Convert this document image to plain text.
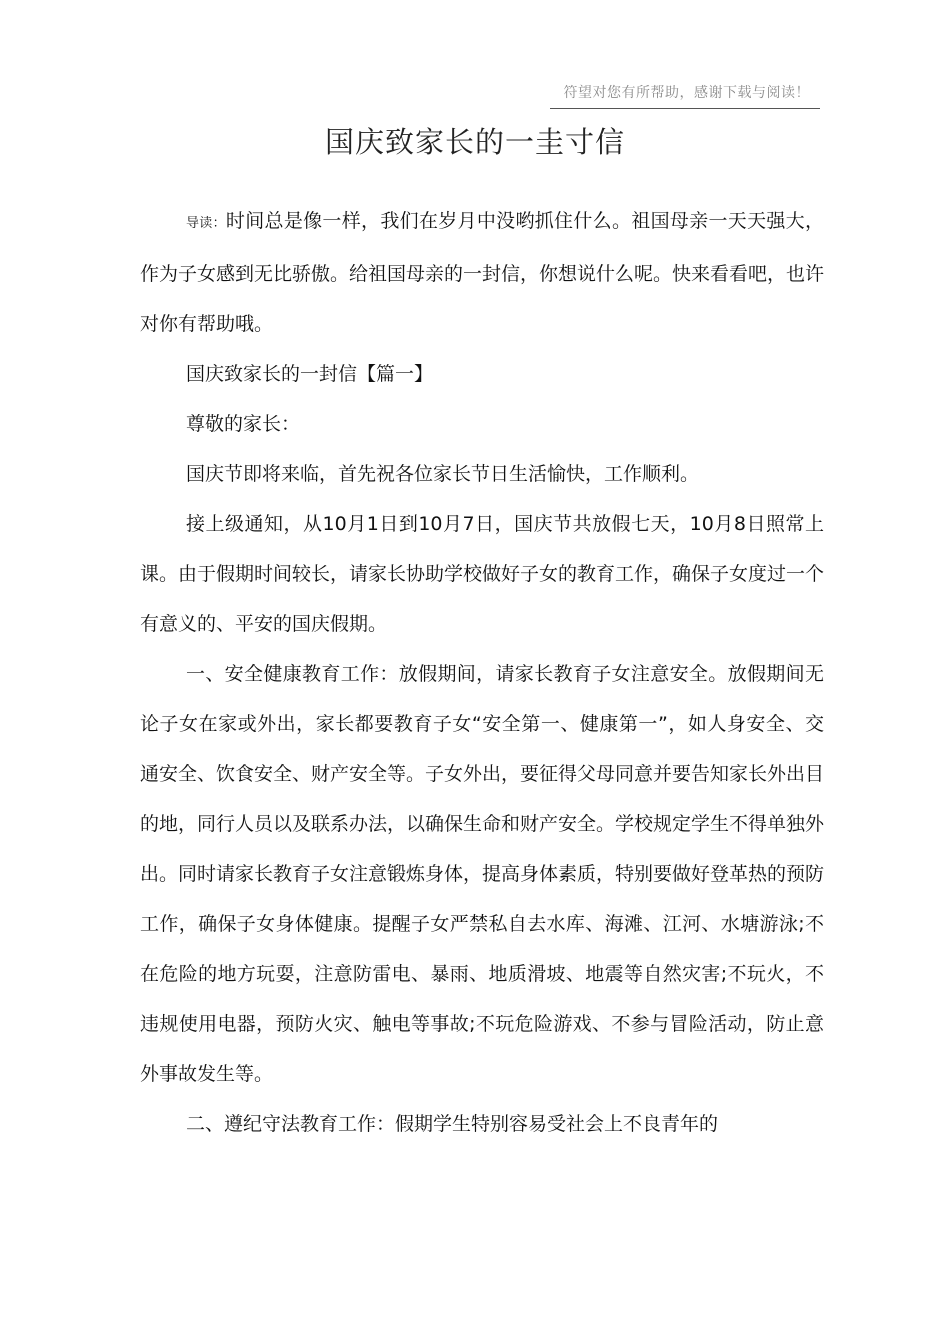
符望对您有所帮助，感谢下载与阅读！
国庆致家长的一圭寸信

导读：时间总是像一样，我们在岁月中没哟抓住什么。祖国母亲一天天强大，作为子女感到无比骄傲。给祖国母亲的一封信，你想说什么呢。快来看看吧，也许对你有帮助哦。

国庆致家长的一封信【篇一】

尊敬的家长：

国庆节即将来临，首先祝各位家长节日生活愉快，工作顺利。

接上级通知，从10月1日到10月7日，国庆节共放假七天，10月8日照常上课。由于假期时间较长，请家长协助学校做好子女的教育工作，确保子女度过一个有意义的、平安的国庆假期。

一、安全健康教育工作：放假期间，请家长教育子女注意安全。放假期间无论子女在家或外出，家长都要教育子女“安全第一、健康第一”，如人身安全、交通安全、饮食安全、财产安全等。子女外出，要征得父母同意并要告知家长外出目的地，同行人员以及联系办法，以确保生命和财产安全。学校规定学生不得单独外出。同时请家长教育子女注意锻炼身体，提高身体素质，特别要做好登革热的预防工作，确保子女身体健康。提醒子女严禁私自去水库、海滩、江河、水塘游泳;不在危险的地方玩耍，注意防雷电、暴雨、地质滑坡、地震等自然灾害;不玩火，不违规使用电器，预防火灾、触电等事故;不玩危险游戏、不参与冒险活动，防止意外事故发生等。

二、遵纪守法教育工作：假期学生特别容易受社会上不良青年的
